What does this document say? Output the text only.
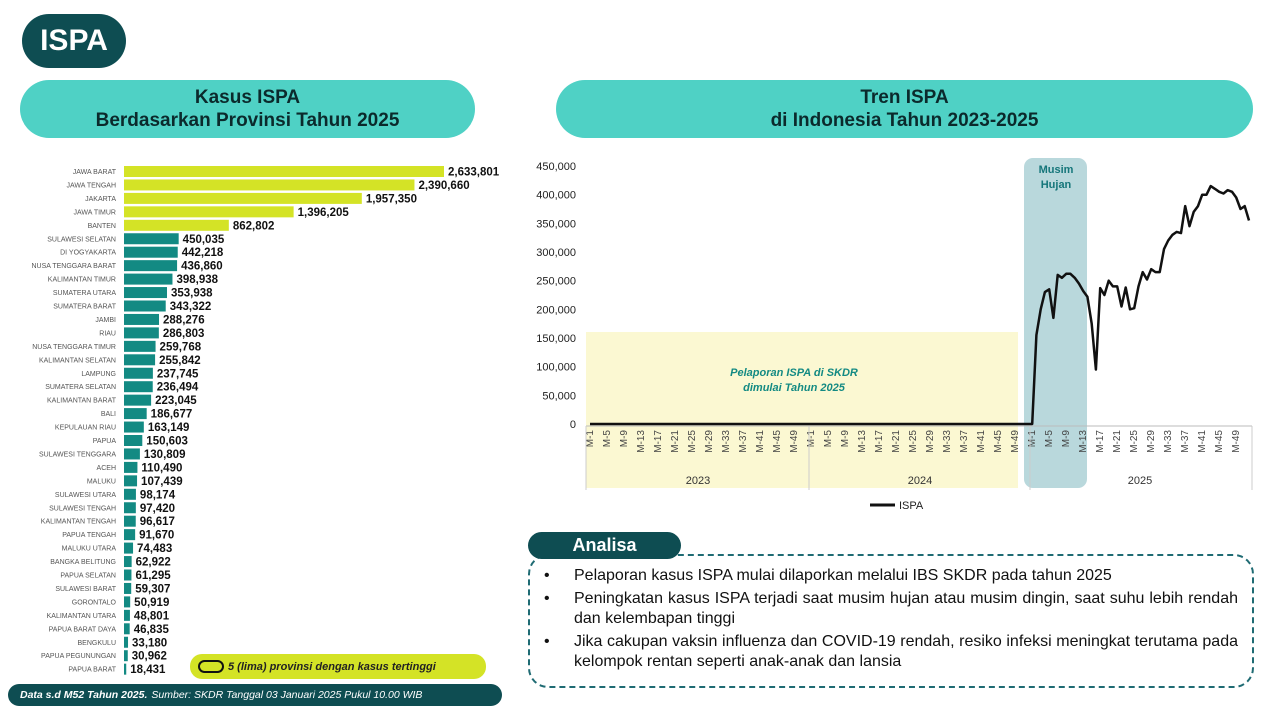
ISPA
Kasus ISPA
Berdasarkan Provinsi Tahun 2025
Tren ISPA
di Indonesia Tahun 2023-2025
JAWA BARAT	2,633,801
JAWA TENGAH	2,390,660
JAKARTA	1,957,350
JAWA TIMUR	1,396,205
BANTEN	862,802
SULAWESI SELATAN	450,035
DI YOGYAKARTA	442,218
NUSA TENGGARA BARAT	436,860
KALIMANTAN TIMUR	398,938
SUMATERA UTARA	353,938
SUMATERA BARAT	343,322
JAMBI	288,276
RIAU	286,803
NUSA TENGGARA TIMUR	259,768
KALIMANTAN SELATAN	255,842
LAMPUNG	237,745
SUMATERA SELATAN	236,494
KALIMANTAN BARAT	223,045
BALI	186,677
KEPULAUAN RIAU	163,149
PAPUA	150,603
SULAWESI TENGGARA 130,809
ACEH 110,490
MALUKU 107,439
SULAWESI UTARA 98,174
SULAWESI TENGAH 97,420
KALIMANTAN TENGAH 96,617
PAPUA TENGAH 91,670
MALUKU UTARA 74,483
BANGKA BELITUNG 62,922
PAPUA SELATAN 61,295
SULAWESI BARAT 59,307
GORONTALO 50,919
KALIMANTAN UTARA 48,801
PAPUA BARAT DAYA 46,835
BENGKULU 33,180
PAPUA PEGUNUNGAN 30,962
PAPUA BARAT 18,431	5 (lima) provinsi dengan kasus tertinggi
Musim
Hujan
Pelaporan ISPA di SKDR
dimulai Tahun 2025
0
50,000
100,000
150,000
200,000
250,000
300,000
350,000
400,000
450,000
M-1 M-5 M-9 M-13 M-17 M-21 M-25 M-29 M-33 M-37 M-41 M-45 M-49 M-1 M-5 M-9 M-13 M-17 M-21 M-25 M-29 M-33 M-37 M-41 M-45 M-49 M-1 M-5 M-9 M-13 M-17 M-21 M-25 M-29 M-33 M-37 M-41 M-45 M-49
2023	2024	2025
ISPA
Data s.d M52 Tahun 2025. Sumber: SKDR Tanggal 03 Januari 2025 Pukul 10.00 WIB
Analisa
• Pelaporan kasus ISPA mulai dilaporkan melalui IBS SKDR pada tahun 2025
• Peningkatan kasus ISPA terjadi saat musim hujan atau musim dingin, saat suhu lebih rendah dan kelembapan tinggi
• Jika cakupan vaksin influenza dan COVID-19 rendah, resiko infeksi meningkat terutama pada kelompok rentan seperti anak-anak dan lansia
